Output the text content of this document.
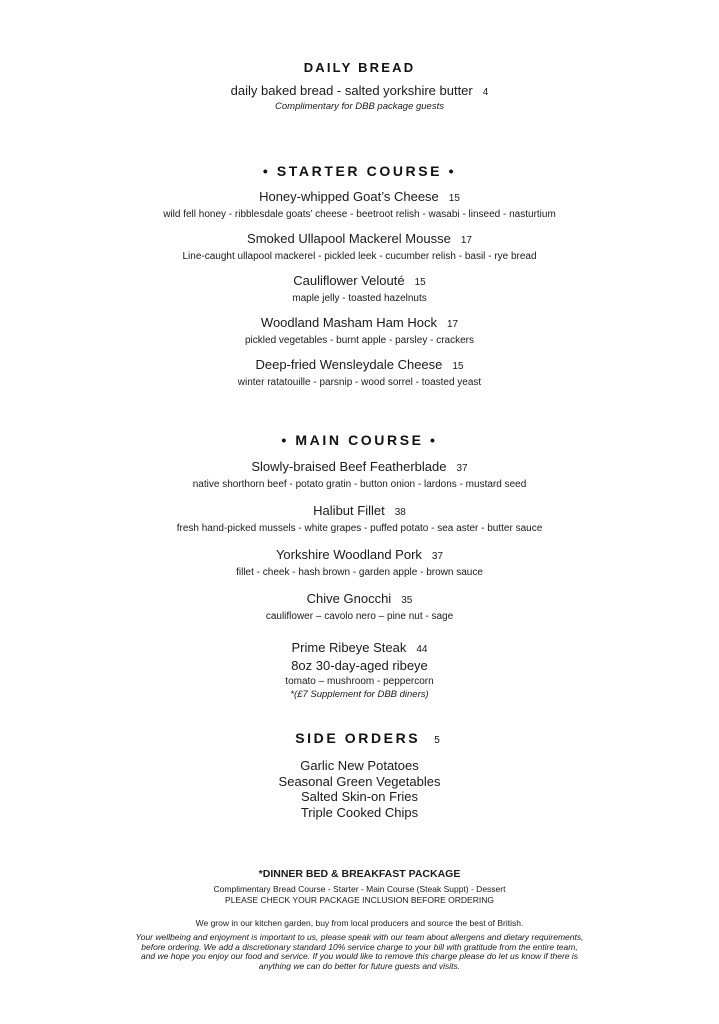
DAILY BREAD
daily baked bread - salted yorkshire butter 4
Complimentary for DBB package guests
• STARTER COURSE •
Honey-whipped Goat’s Cheese 15
wild fell honey - ribblesdale goats’ cheese - beetroot relish - wasabi - linseed - nasturtium
Smoked Ullapool Mackerel Mousse 17
Line-caught ullapool mackerel - pickled leek - cucumber relish - basil - rye bread
Cauliflower Velouté 15
maple jelly - toasted hazelnuts
Woodland Masham Ham Hock 17
pickled vegetables - burnt apple - parsley - crackers
Deep-fried Wensleydale Cheese 15
winter ratatouille - parsnip - wood sorrel - toasted yeast
• MAIN COURSE •
Slowly-braised Beef Featherblade 37
native shorthorn beef - potato gratin - button onion - lardons - mustard seed
Halibut Fillet 38
fresh hand-picked mussels - white grapes - puffed potato - sea aster - butter sauce
Yorkshire Woodland Pork 37
fillet - cheek - hash brown - garden apple - brown sauce
Chive Gnocchi 35
cauliflower – cavolo nero – pine nut - sage
Prime Ribeye Steak 44
8oz 30-day-aged ribeye
tomato – mushroom - peppercorn
*(£7 Supplement for DBB diners)
SIDE ORDERS 5
Garlic New Potatoes
Seasonal Green Vegetables
Salted Skin-on Fries
Triple Cooked Chips
*DINNER BED & BREAKFAST PACKAGE
Complimentary Bread Course - Starter - Main Course (Steak Suppt) - Dessert
PLEASE CHECK YOUR PACKAGE INCLUSION BEFORE ORDERING
We grow in our kitchen garden, buy from local producers and source the best of British.
Your wellbeing and enjoyment is important to us, please speak with our team about allergens and dietary requirements,
before ordering. We add a discretionary standard 10% service charge to your bill with gratitude from the entire team,
and we hope you enjoy our food and service. If you would like to remove this charge please do let us know if there is
anything we can do better for future guests and visits.
